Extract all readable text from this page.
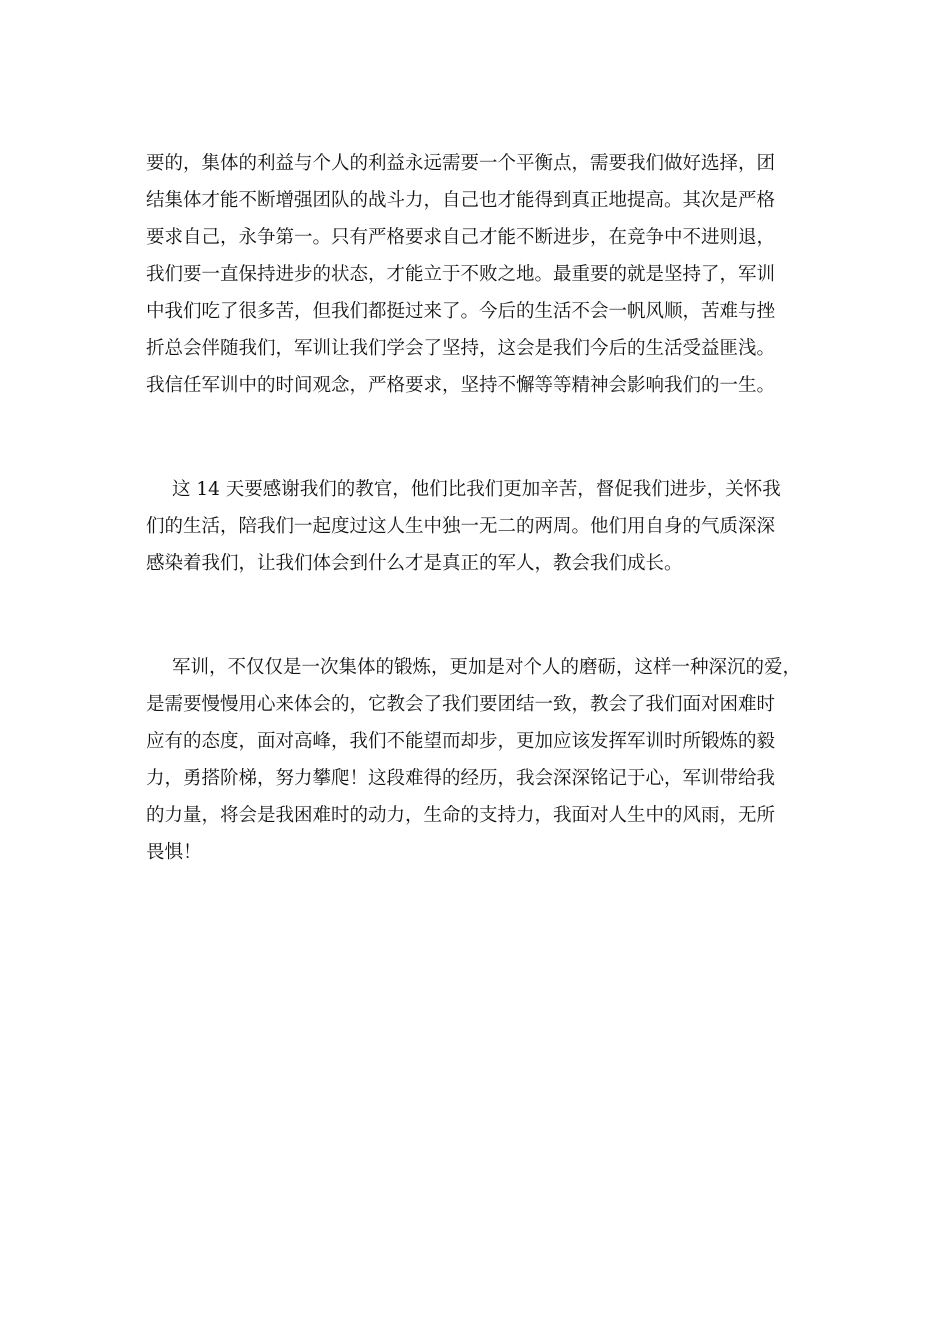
要的，集体的利益与个人的利益永远需要一个平衡点，需要我们做好选择，团

结集体才能不断增强团队的战斗力，自己也才能得到真正地提高。其次是严格

要求自己，永争第一。只有严格要求自己才能不断进步，在竞争中不进则退，

我们要一直保持进步的状态，才能立于不败之地。最重要的就是坚持了，军训

中我们吃了很多苦，但我们都挺过来了。今后的生活不会一帆风顺，苦难与挫

折总会伴随我们，军训让我们学会了坚持，这会是我们今后的生活受益匪浅。

我信任军训中的时间观念，严格要求，坚持不懈等等精神会影响我们的一生。

这 14 天要感谢我们的教官，他们比我们更加辛苦，督促我们进步，关怀我

们的生活，陪我们一起度过这人生中独一无二的两周。他们用自身的气质深深

感染着我们，让我们体会到什么才是真正的军人，教会我们成长。

军训，不仅仅是一次集体的锻炼，更加是对个人的磨砺，这样一种深沉的爱，

是需要慢慢用心来体会的，它教会了我们要团结一致，教会了我们面对困难时

应有的态度，面对高峰，我们不能望而却步，更加应该发挥军训时所锻炼的毅

力，勇搭阶梯，努力攀爬！这段难得的经历，我会深深铭记于心，军训带给我

的力量，将会是我困难时的动力，生命的支持力，我面对人生中的风雨，无所

畏惧！
